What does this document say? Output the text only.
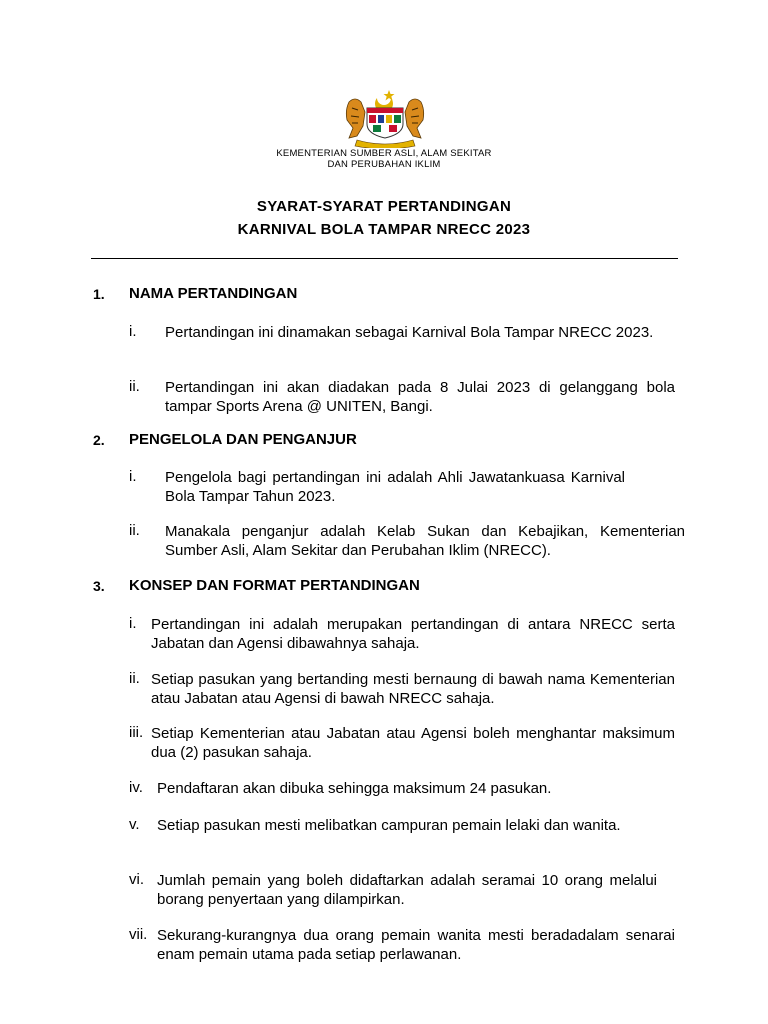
KEMENTERIAN SUMBER ASLI, ALAM SEKITAR
DAN PERUBAHAN IKLIM
SYARAT-SYARAT PERTANDINGAN
KARNIVAL BOLA TAMPAR NRECC 2023
1. NAMA PERTANDINGAN
i. Pertandingan ini dinamakan sebagai Karnival Bola Tampar NRECC 2023.
ii. Pertandingan ini akan diadakan pada 8 Julai 2023 di gelanggang bola tampar Sports Arena @ UNITEN, Bangi.
2. PENGELOLA DAN PENGANJUR
i. Pengelola bagi pertandingan ini adalah Ahli Jawatankuasa Karnival Bola Tampar Tahun 2023.
ii. Manakala penganjur adalah Kelab Sukan dan Kebajikan, Kementerian Sumber Asli, Alam Sekitar dan Perubahan Iklim (NRECC).
3. KONSEP DAN FORMAT PERTANDINGAN
i. Pertandingan ini adalah merupakan pertandingan di antara NRECC serta Jabatan dan Agensi dibawahnya sahaja.
ii. Setiap pasukan yang bertanding mesti bernaung di bawah nama Kementerian atau Jabatan atau Agensi di bawah NRECC sahaja.
iii. Setiap Kementerian atau Jabatan atau Agensi boleh menghantar maksimum dua (2) pasukan sahaja.
iv. Pendaftaran akan dibuka sehingga maksimum 24 pasukan.
v. Setiap pasukan mesti melibatkan campuran pemain lelaki dan wanita.
vi. Jumlah pemain yang boleh didaftarkan adalah seramai 10 orang melalui borang penyertaan yang dilampirkan.
vii. Sekurang-kurangnya dua orang pemain wanita mesti beradadalam senarai enam pemain utama pada setiap perlawanan.
